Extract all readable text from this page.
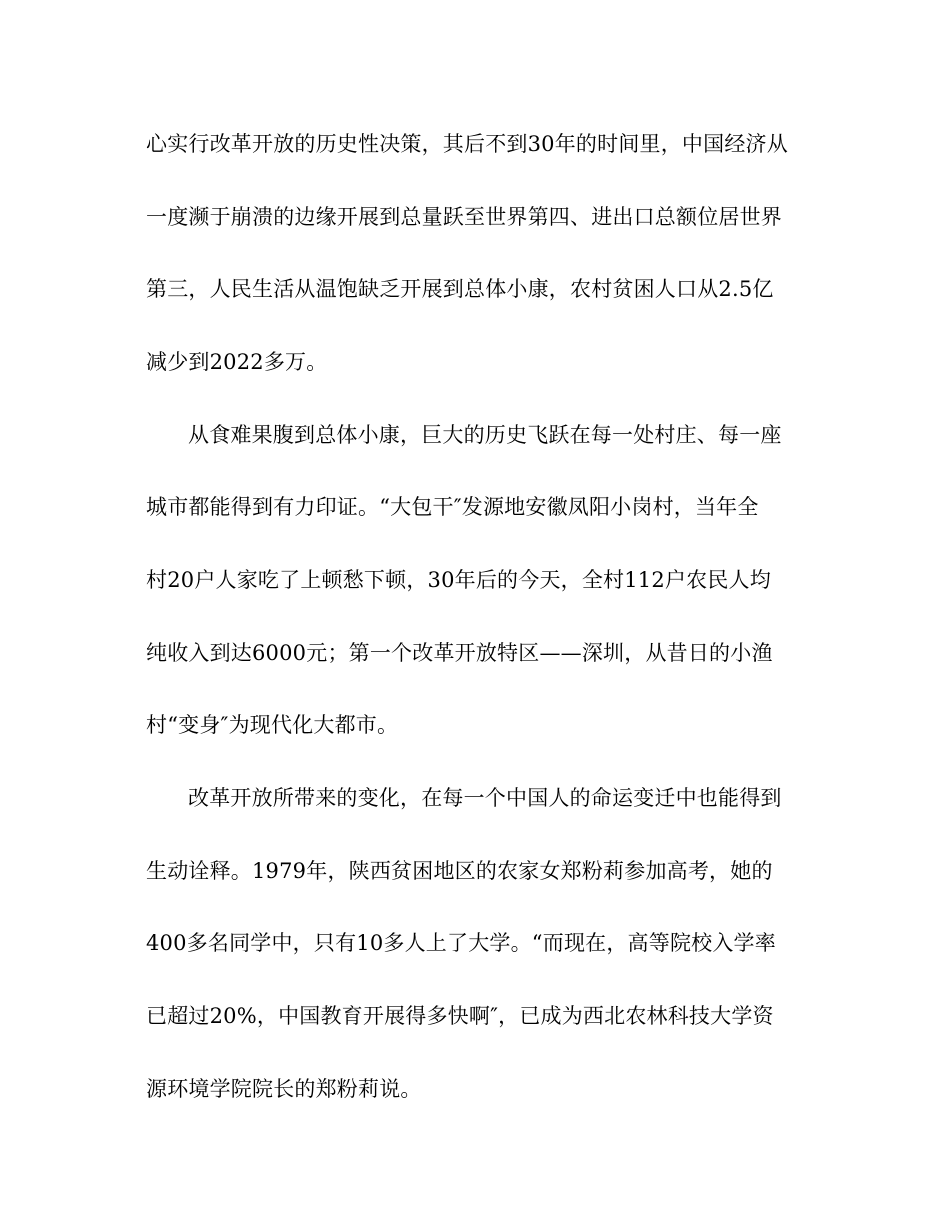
心实行改革开放的历史性决策，其后不到30年的时间里，中国经济从
一度濒于崩溃的边缘开展到总量跃至世界第四、进出口总额位居世界
第三，人民生活从温饱缺乏开展到总体小康，农村贫困人口从2.5亿
减少到2022多万。
从食难果腹到总体小康，巨大的历史飞跃在每一处村庄、每一座
城市都能得到有力印证。“大包干″发源地安徽凤阳小岗村，当年全
村20户人家吃了上顿愁下顿，30年后的今天，全村112户农民人均
纯收入到达6000元；第一个改革开放特区——深圳，从昔日的小渔
村“变身″为现代化大都市。
改革开放所带来的变化，在每一个中国人的命运变迁中也能得到
生动诠释。1979年，陕西贫困地区的农家女郑粉莉参加高考，她的
400多名同学中，只有10多人上了大学。“而现在，高等院校入学率
已超过20%，中国教育开展得多快啊″，已成为西北农林科技大学资
源环境学院院长的郑粉莉说。
